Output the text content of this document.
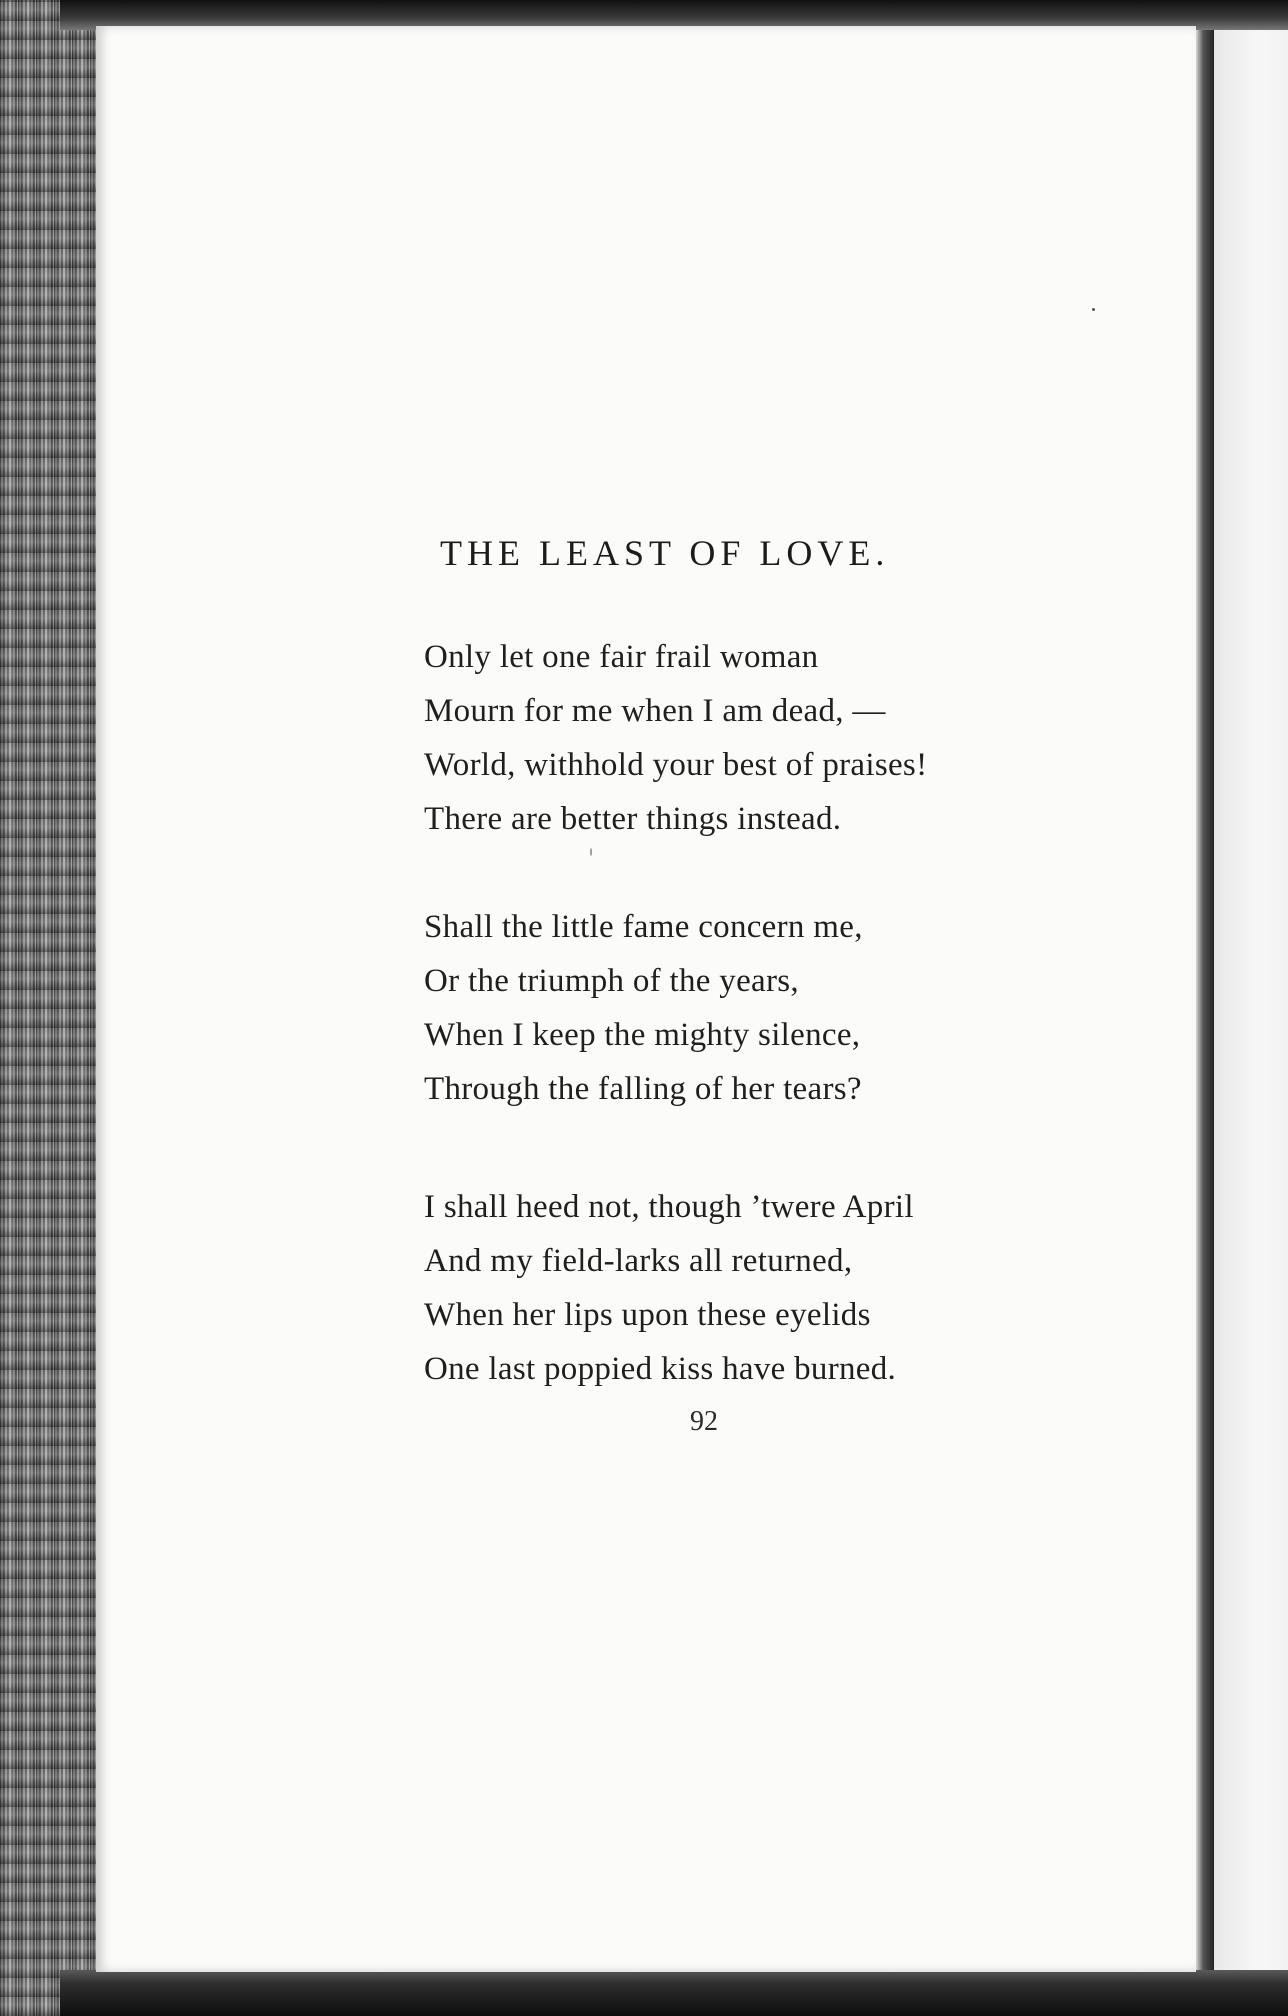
THE LEAST OF LOVE.
Only let one fair frail woman
Mourn for me when I am dead, —
World, withhold your best of praises!
There are better things instead.
Shall the little fame concern me,
Or the triumph of the years,
When I keep the mighty silence,
Through the falling of her tears?
I shall heed not, though ’twere April
And my field-larks all returned,
When her lips upon these eyelids
One last poppied kiss have burned.
92
